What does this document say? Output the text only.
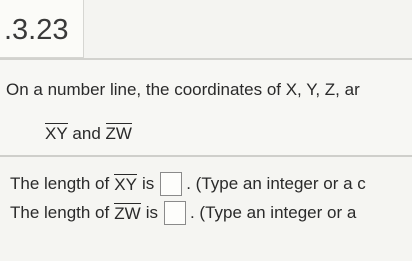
.3.23
On a number line, the coordinates of X, Y, Z, ar
XY and ZW
The length of XY is . (Type an integer or a c
The length of ZW is . (Type an integer or a
